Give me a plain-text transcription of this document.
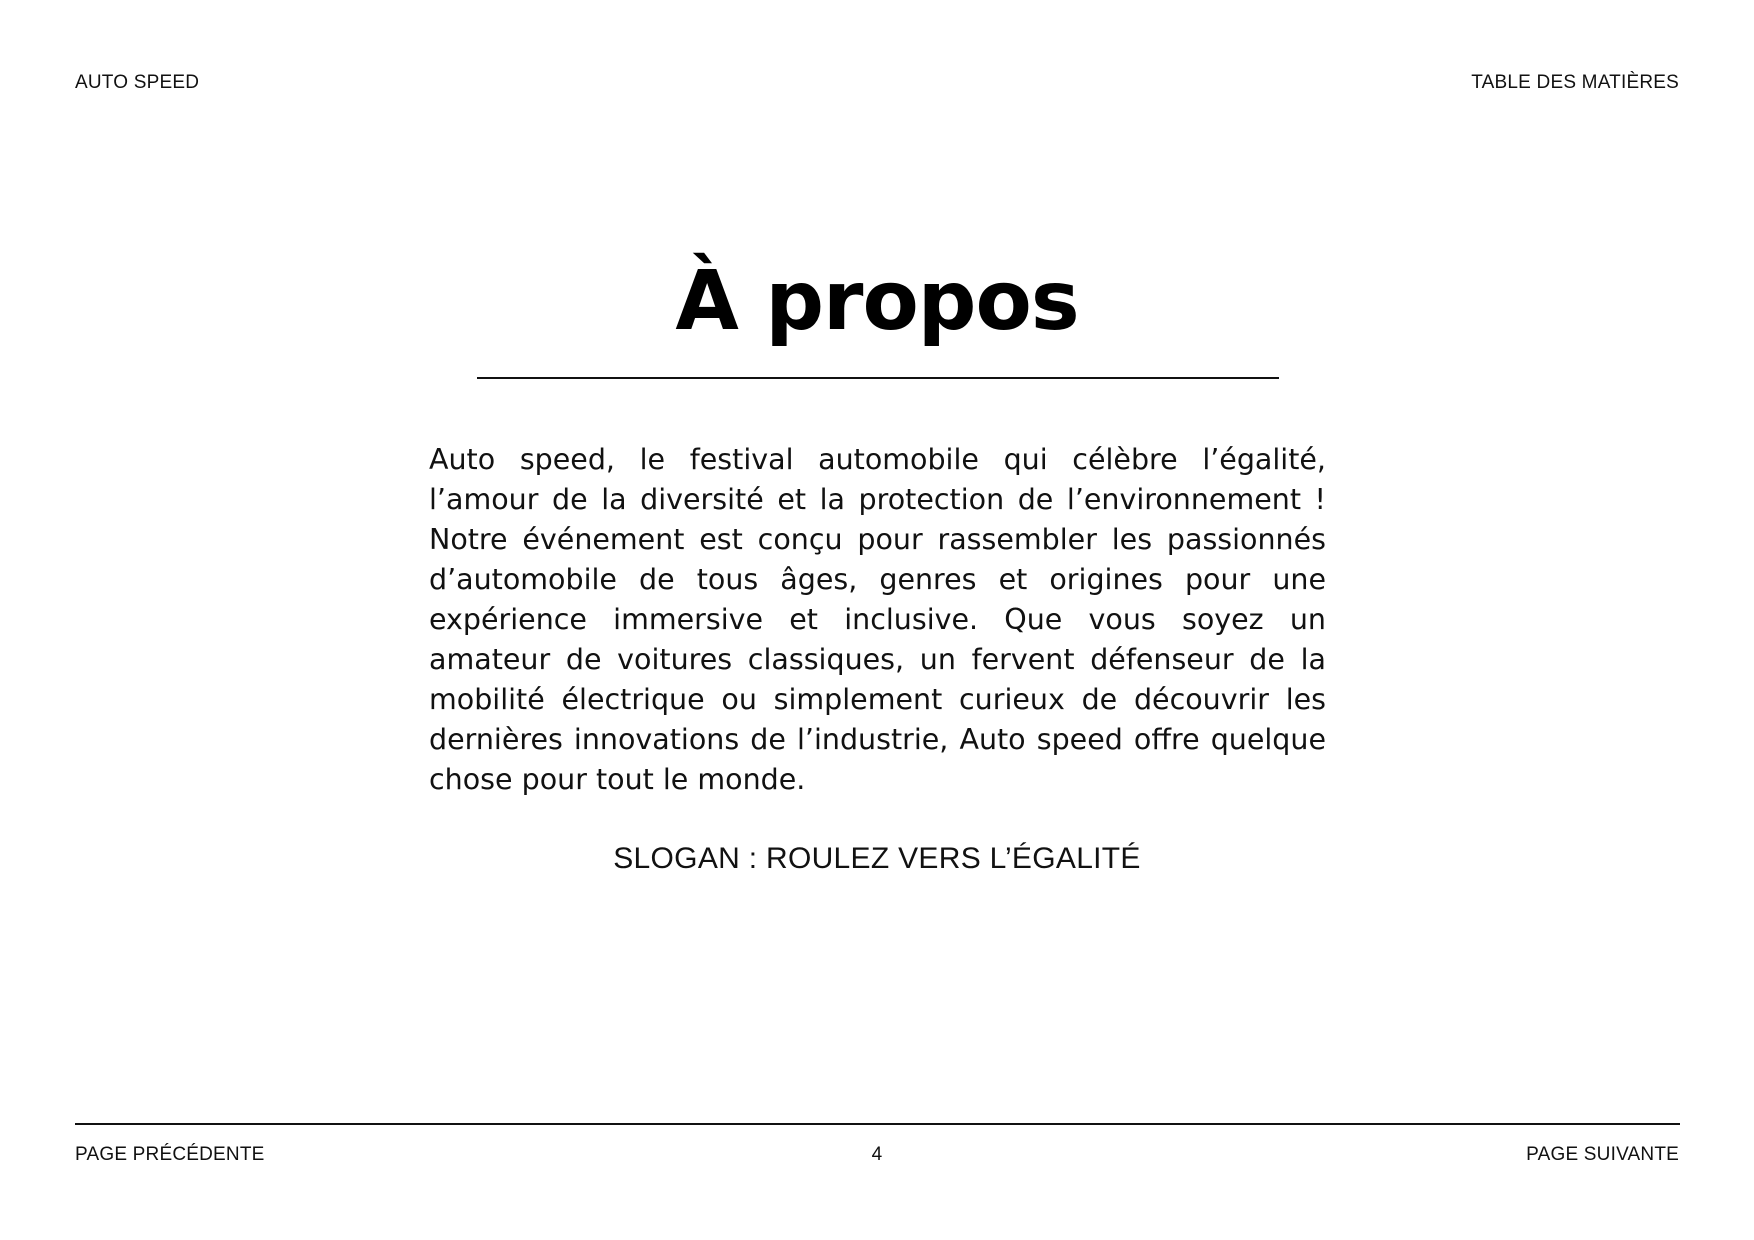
AUTO SPEED	TABLE DES MATIÈRES
À propos
Auto speed, le festival automobile qui célèbre l’égalité, l’amour de la diversité et la protection de l’environnement ! Notre événement est conçu pour rassembler les passionnés d’automobile de tous âges, genres et origines pour une expérience immersive et inclusive. Que vous soyez un amateur de voitures classiques, un fervent défenseur de la mobilité électrique ou simplement curieux de découvrir les dernières innovations de l’industrie, Auto speed offre quelque chose pour tout le monde.
SLOGAN : ROULEZ VERS L’ÉGALITÉ
PAGE PRÉCÉDENTE	4	PAGE SUIVANTE
